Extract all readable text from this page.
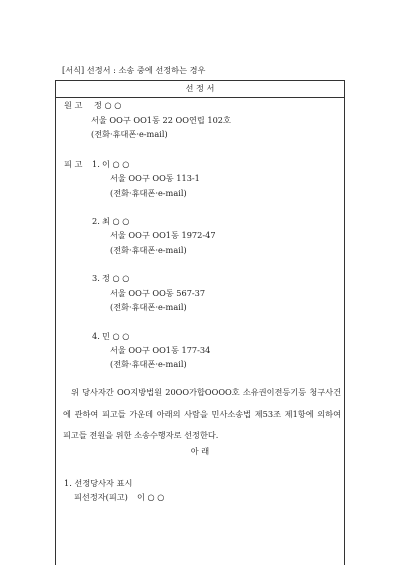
[서식] 선정서 : 소송 중에 선정하는 경우
선 정 서
원 고 정 ○ ○
서울 OO구 OO1동 22 OO연립 102호
(전화·휴대폰·e-mail)
피 고 1. 이 ○ ○
서울 OO구 OO동 113-1
(전화·휴대폰·e-mail)
2. 최 ○ ○
서울 OO구 OO1동 1972-47
(전화·휴대폰·e-mail)
3. 정 ○ ○
서울 OO구 OO동 567-37
(전화·휴대폰·e-mail)
4. 민 ○ ○
서울 OO구 OO1동 177-34
(전화·휴대폰·e-mail)
위 당사자간 OO지방법원 20OO가합OOOO호 소유권이전등기등 청구사건에 관하여 피고들 가운데 아래의 사람을 민사소송법 제53조 제1항에 의하여 피고들 전원을 위한 소송수행자로 선정한다.
아 래
1. 선정당사자 표시
피선정자(피고) 이 ○ ○
